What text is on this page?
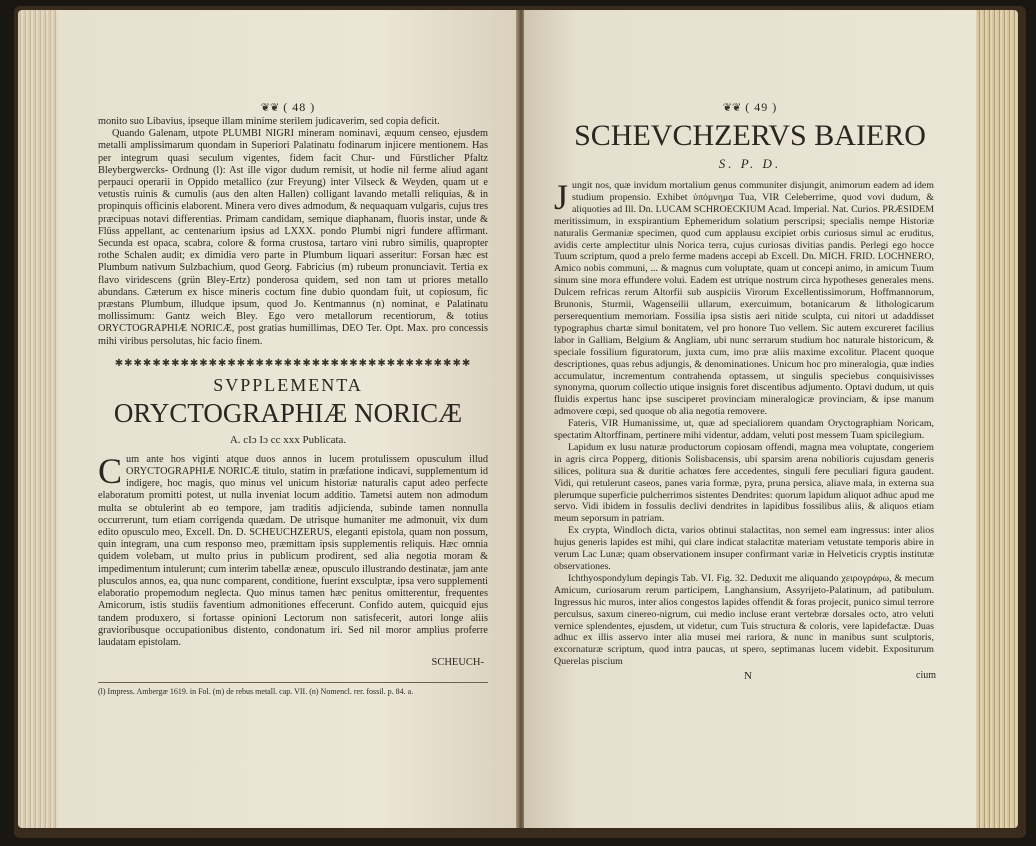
❦❦ ( 48 )

monito suo Libavius, ipseque illam minime sterilem judicaverim, sed copia deficit.

Quando Galenam, utpote PLUMBI NIGRI mineram nominavi, æquum censeo, ejusdem metalli amplissimarum quondam in Superiori Palatinatu fodinarum injicere mentionem. Has per integrum quasi seculum vigentes, fidem facit Chur- und Fürstlicher Pfaltz Bleybergwercks- Ordnung (l): Ast ille vigor dudum remisit, ut hodie nil ferme aliud agant perpauci operarii in Oppido metallico (zur Freyung) inter Vilseck & Weyden, quam ut e vetustis ruinis & cumulis (aus den alten Hallen) colligant lavando metalli reliquias, & in propinquis officinis elaborent. Minera vero dives admodum, & nequaquam vulgaris, cujus tres præcipuas notavi differentias. Primam candidam, semique diaphanam, fluoris instar, unde & Flüss appellant, ac centenarium ipsius ad LXXX. pondo Plumbi nigri fundere affirmant. Secunda est opaca, scabra, colore & forma crustosa, tartaro vini rubro similis, quapropter rothe Schalen audit; ex dimidia vero parte in Plumbum liquari asseritur: Forsan hæc est Plumbum nativum Sulzbachium, quod Georg. Fabricius (m) rubeum pronunciavit. Tertia ex flavo viridescens (grün Bley-Ertz) ponderosa quidem, sed non tam ut priores metallo abundans. Cæterum ex hisce mineris coctum fine dubio quondam fuit, ut copiosum, fic præstans Plumbum, illudque ipsum, quod Jo. Kentmannus (n) nominat, e Palatinatu mollissimum: Gantz weich Bley. Ego vero metallorum recentiorum, & totius ORYCTOGRAPHIÆ NORICÆ, post gratias humillimas, DEO Ter. Opt. Max. pro concessis mihi viribus persolutas, hic facio finem.

✱✱✱✱✱✱✱✱✱✱✱✱✱✱✱✱✱✱✱✱✱✱✱✱✱✱✱✱✱✱✱✱✱✱✱✱✱✱
SVPPLEMENTA
ORYCTOGRAPHIÆ NORICÆ
A. cIɔ Iɔ cc xxx Publicata.
C um ante hos viginti atque duos annos in lucem protulissem opusculum illud ORYCTOGRAPHIÆ NORICÆ titulo, statim in præfatione indicavi, supplementum id indigere, hoc magis, quo minus vel unicum historiæ naturalis caput adeo perfecte elaboratum promitti potest, ut nulla inveniat locum additio. Tametsi autem non admodum multa se obtulerint ab eo tempore, jam traditis adjicienda, subinde tamen nonnulla occurrerunt, tum etiam corrigenda quædam. De utrisque humaniter me admonuit, vix dum edito opusculo meo, Excell. Dn. D. SCHEUCHZERUS, eleganti epistola, quam non possum, quin integram, una cum responso meo, præmittam ipsis supplementis reliquis. Hæc omnia quidem volebam, ut multo prius in publicum prodirent, sed alia negotia moram & impedimentum intulerunt; cum interim tabellæ æneæ, opusculo illustrando destinatæ, jam ante plusculos annos, ea, qua nunc comparent, conditione, fuerint exsculptæ, ipsa vero supplementi elaboratio propemodum neglecta. Quo minus tamen hæc penitus omitterentur, frequentes Amicorum, istis studiis faventium admonitiones effecerunt. Confido autem, quicquid ejus tandem produxero, si fortasse opinioni Lectorum non satisfecerit, autori longe aliis gravioribusque occupationibus distento, condonatum iri. Sed nil moror amplius proferre laudatam epistolam.

SCHEUCH-
(l) Impress. Ambergæ 1619. in Fol. (m) de rebus metall. cap. VII. (n) Nomencl. rer. fossil. p. 84. a.
❦❦ ( 49 )
SCHEVCHZERVS BAIERO
S. P. D.
J ungit nos, quæ invidum mortalium genus communiter disjungit, animorum eadem ad idem studium propensio. Exhibet ὑπόμνημα Tua, VIR Celeberrime, quod vovi dudum, & aliquoties ad Ill. Dn. LUCAM SCHROECKIUM Acad. Imperial. Nat. Curios. PRÆSIDEM meritissimum, in exspirantium Ephemeridum solatium perscripsi; specialis nempe Historiæ naturalis Germaniæ specimen, quod cum applausu excipiet orbis curiosus simul ac eruditus, avidis certe amplectitur ulnis Norica terra, cujus curiosas divitias pandis. Perlegi ego hocce Tuum scriptum, quod a prelo ferme madens accepi ab Excell. Dn. MICH. FRID. LOCHNERO, Amico nobis communi, ... & magnus cum voluptate, quam ut concepi animo, in amicum Tuum sinum sine mora effundere volui. Eadem est utrique nostrum circa hypotheses generales mens. Dulcem refricas rerum Altorfii sub auspiciis Virorum Excellentissimorum, Hoffmannorum, Brunonis, Sturmii, Wagenseilii ullarum, exercuimum, botanicarum & lithologicarum perserequentium memoriam. Fossilia ipsa sistis aeri nitide sculpta, cui nitori ut adaddisset typographus chartæ simul bonitatem, vel pro honore Tuo vellem. Sic autem excureret facilius labor in Galliam, Belgium & Angliam, ubi nunc serrarum studium hoc naturale historicum, & speciale fossilium figuratorum, juxta cum, imo præ aliis maxime excolitur. Placent quoque descriptiones, quas rebus adjungis, & denominationes. Unicum hoc pro mineralogia, quæ indies accumulatur, incrementum contrahenda optassem, ut singulis speciebus conquisivisses synonyma, quorum collectio utique insignis foret discentibus adjumento. Optavi dudum, ut quis fluidis expertus hanc ipse susciperet provinciam mineralogicæ provinciam, & ipse manum admovere cœpi, sed quoque ob alia negotia removere.

Fateris, VIR Humanissime, ut, quæ ad specialiorem quandam Oryctographiam Noricam, spectatim Altorffinam, pertinere mihi videntur, addam, veluti post messem Tuam spicilegium.

Lapidum ex lusu naturæ productorum copiosam offendi, magna mea voluptate, congeriem in agris circa Popperg, ditionis Solisbacensis, ubi sparsim arena nobilioris cujusdam generis silices, politura sua & duritie achatœs fere accedentes, singuli fere peculiari figura gaudent. Vidi, qui retulerunt caseos, panes varia formæ, pyra, pruna persica, aliave mala, in externa sua plerumque superficie pulcherrimos sistentes Dendrites: quorum lapidum aliquot adhuc apud me servo. Vidi ibidem in fossulis declivi dendrites in lapidibus fossilibus aliis, & aliquos etiam meum seporsum in patriam.

Ex crypta, Windloch dicta, varios obtinui stalactitas, non semel eam ingressus: inter alios hujus generis lapides est mihi, qui clare indicat stalactitæ materiam vetustate temporis abire in verum Lac Lunæ; quam observationem insuper confirmant variæ in Helveticis cryptis institutæ observationes.

Ichthyospondylum depingis Tab. VI. Fig. 32. Deduxit me aliquando χειρογράφω, & mecum Amicum, curiosarum rerum participem, Langhansium, Assyrijeto-Palatinum, ad patibulum. Ingressus hic muros, inter alios congestos lapides offendit & foras projecit, punico simul terrore perculsus, saxum cinereo-nigrum, cui medio incluse erant vertebræ dorsales octo, atro veluti vernice splendentes, ejusdem, ut videtur, cum Tuis structura & coloris, vere lapidefactæ. Duas adhuc ex illis asservo inter alia musei mei rariora, & nunc in manibus sunt sculptoris, excornaturæ scriptum, quod intra paucas, ut spero, septimanas lucem videbit. Expositurum Querelas piscium

N	cium
